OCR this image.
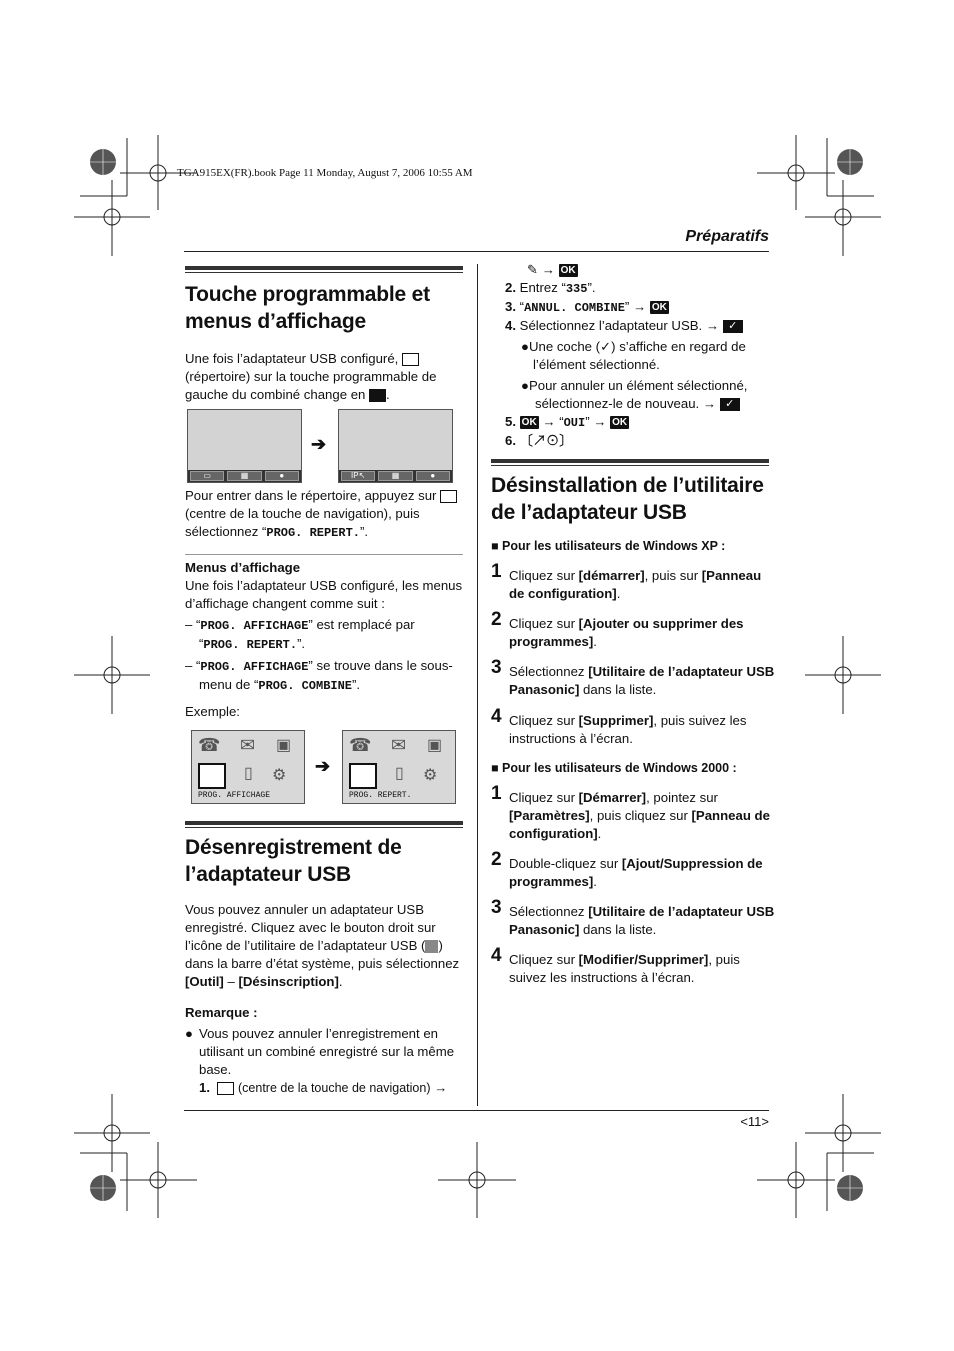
TGA915EX(FR).book Page 11 Monday, August 7, 2006 10:55 AM
Préparatifs
Touche programmable et
menus d’affichage
Une fois l’adaptateur USB configuré,
(répertoire) sur la touche programmable de
gauche du combiné change en .
▭	▦	●
➔
IP↖	▦	●
Pour entrer dans le répertoire, appuyez sur
(centre de la touche de navigation), puis
sélectionnez “PROG. REPERT.”.
Menus d’affichage
Une fois l’adaptateur USB configuré, les menus
d’affichage changent comme suit :
– “PROG. AFFICHAGE” est remplacé par
“PROG. REPERT.”.
– “PROG. AFFICHAGE” se trouve dans le sous-
menu de “PROG. COMBINE”.
Exemple:
☎ ✉ ▣
▯ ⚙
PROG. AFFICHAGE
➔
☎ ✉ ▣
▯ ⚙
PROG. REPERT.
Désenregistrement de
l’adaptateur USB
Vous pouvez annuler un adaptateur USB
enregistré. Cliquez avec le bouton droit sur
l’icône de l’utilitaire de l’adaptateur USB ( )
dans la barre d’état système, puis sélectionnez
[Outil] – [Désinscription].
Remarque :
● Vous pouvez annuler l’enregistrement en
utilisant un combiné enregistré sur la même
base.
1. (centre de la touche de navigation) →
✎ → OK
2. Entrez “335”.
3. “ANNUL. COMBINE” → OK
4. Sélectionnez l’adaptateur USB. → ✓
●Une coche (✓) s’affiche en regard de
l’élément sélectionné.
●Pour annuler un élément sélectionné,
sélectionnez-le de nouveau. → ✓
5. OK → “OUI” → OK
6. 〔↗⊙〕
Désinstallation de l’utilitaire
de l’adaptateur USB
■ Pour les utilisateurs de Windows XP :
1 Cliquez sur [démarrer], puis sur [Panneau
de configuration].
2 Cliquez sur [Ajouter ou supprimer des
programmes].
3 Sélectionnez [Utilitaire de l’adaptateur USB
Panasonic] dans la liste.
4 Cliquez sur [Supprimer], puis suivez les
instructions à l’écran.
■ Pour les utilisateurs de Windows 2000 :
1 Cliquez sur [Démarrer], pointez sur
[Paramètres], puis cliquez sur [Panneau de
configuration].
2 Double-cliquez sur [Ajout/Suppression de
programmes].
3 Sélectionnez [Utilitaire de l’adaptateur USB
Panasonic] dans la liste.
4 Cliquez sur [Modifier/Supprimer], puis
suivez les instructions à l’écran.
<11>
